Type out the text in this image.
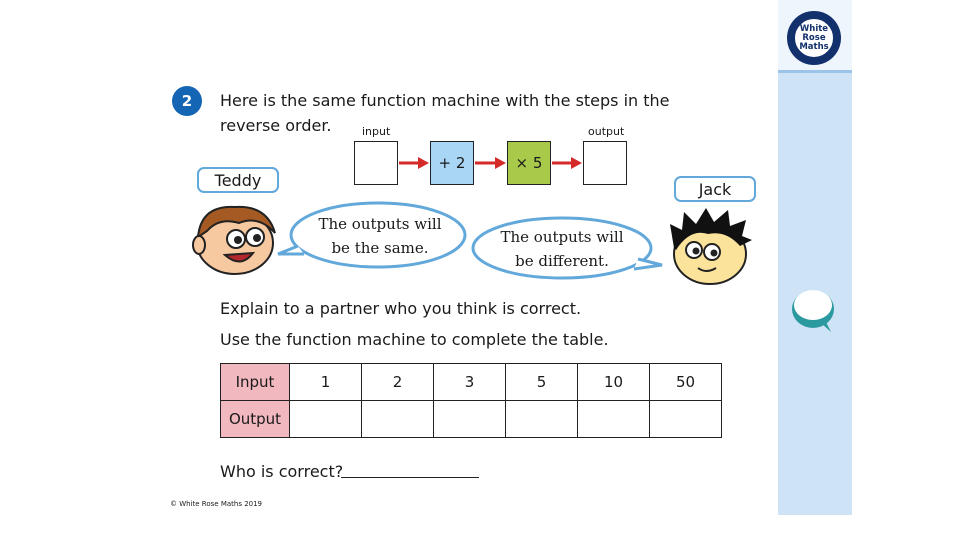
White
Rose
Maths
2	Here is the same function machine with the steps in the
reverse order.	input	output
+ 2	× 5
Teddy
The outputs will
be the same.
The outputs will
be different.
Jack
Explain to a partner who you think is correct.
Use the function machine to complete the table.
Input	1	2	3	5	10	50
Output						
Who is correct?
© White Rose Maths 2019
